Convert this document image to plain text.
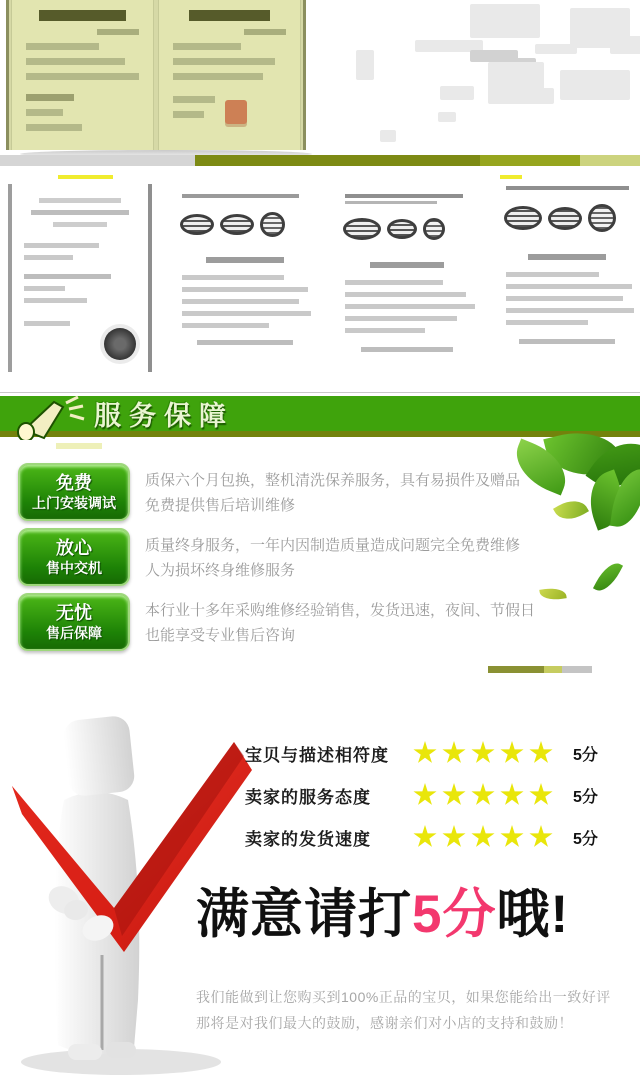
服务保障
免费
上门安装调试
质保六个月包换，整机清洗保养服务，具有易损件及赠品
免费提供售后培训维修
放心
售中交机
质量终身服务，一年内因制造质量造成问题完全免费维修
人为损坏终身维修服务
无忧
售后保障
本行业十多年采购维修经验销售，发货迅速，夜间、节假日
也能享受专业售后咨询
宝贝与描述相符度	5分
卖家的服务态度	5分
卖家的发货速度	5分
满意请打5分哦!
我们能做到让您购买到100%正品的宝贝，如果您能给出一致好评
那将是对我们最大的鼓励，感谢亲们对小店的支持和鼓励！
